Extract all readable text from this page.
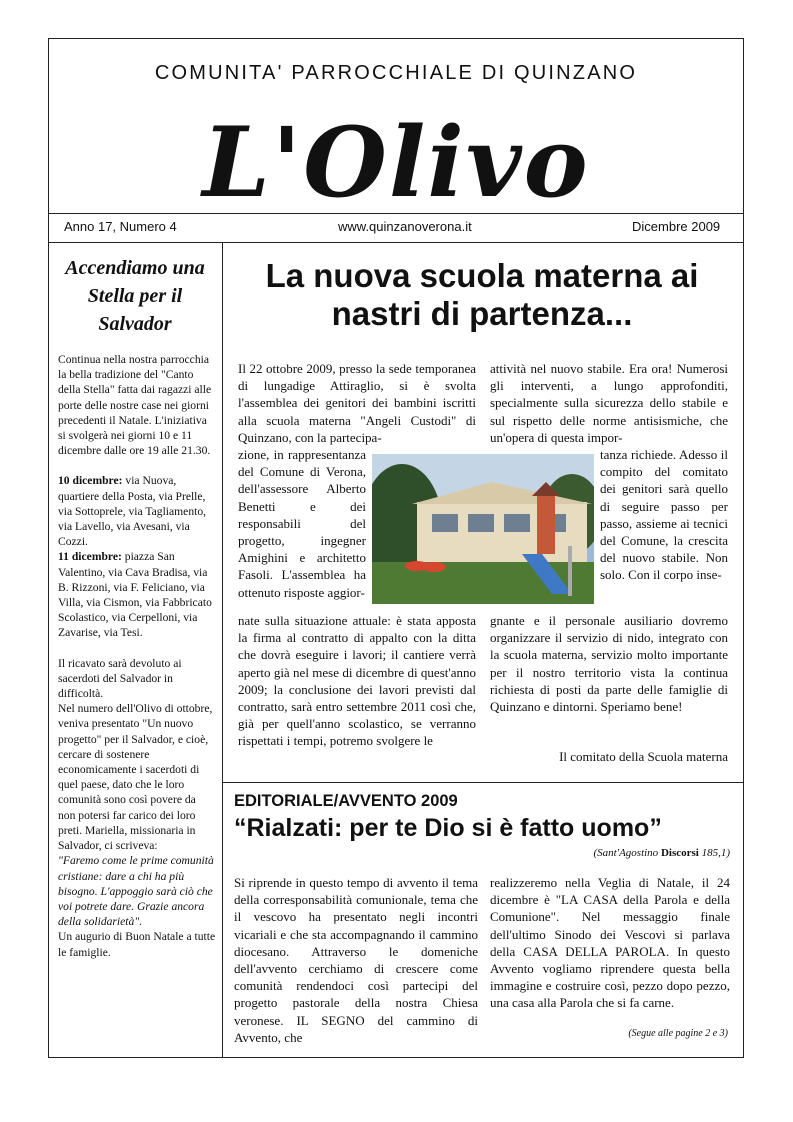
COMUNITA' PARROCCHIALE DI QUINZANO
L'Olivo
Anno 17, Numero 4	www.quinzanoverona.it	Dicembre 2009
Accendiamo una Stella per il Salvador

Continua nella nostra parrocchia la bella tradizione del "Canto della Stella" fatta dai ragazzi alle porte delle nostre case nei giorni precedenti il Natale. L'iniziativa si svolgerà nei giorni 10 e 11 dicembre dalle ore 19 alle 21.30.

10 dicembre: via Nuova, quartiere della Posta, via Prelle, via Sottoprele, via Tagliamento, via Lavello, via Avesani, via Cozzi.

11 dicembre: piazza San Valentino, via Cava Bradisa, via B. Rizzoni, via F. Feliciano, via Villa, via Cismon, via Fabbricato Scolastico, via Cerpelloni, via Zavarise, via Tesi.

Il ricavato sarà devoluto ai sacerdoti del Salvador in difficoltà.

Nel numero dell'Olivo di ottobre, veniva presentato "Un nuovo progetto" per il Salvador, e cioè, cercare di sostenere economicamente i sacerdoti di quel paese, dato che le loro comunità sono così povere da non potersi far carico dei loro preti. Mariella, missionaria in Salvador, ci scriveva:

"Faremo come le prime comunità cristiane: dare a chi ha più bisogno. L'appoggio sarà ciò che voi potrete dare. Grazie ancora della solidarietà".

Un augurio di Buon Natale a tutte le famiglie.

La nuova scuola materna ai nastri di partenza...
Il 22 ottobre 2009, presso la sede temporanea di lungadige Attiraglio, si è svolta l'assemblea dei genitori dei bambini iscritti alla scuola materna "Angeli Custodi" di Quinzano, con la partecipa-
zione, in rappresentanza del Comune di Verona, dell'assessore Alberto Benetti e dei responsabili del progetto, ingegner Amighini e architetto Fasoli. L'assemblea ha ottenuto risposte aggior-
nate sulla situazione attuale: è stata apposta la firma al contratto di appalto con la ditta che dovrà eseguire i lavori; il cantiere verrà aperto già nel mese di dicembre di quest'anno 2009; la conclusione dei lavori previsti dal contratto, sarà entro settembre 2011 così che, già per quell'anno scolastico, se verranno rispettati i tempi, potremo svolgere le
attività nel nuovo stabile. Era ora! Numerosi gli interventi, a lungo approfonditi, specialmente sulla sicurezza dello stabile e sul rispetto delle norme antisismiche, che un'opera di questa impor-
tanza richiede. Adesso il compito del comitato dei genitori sarà quello di seguire passo per passo, assieme ai tecnici del Comune, la crescita del nuovo stabile. Non solo. Con il corpo inse-
gnante e il personale ausiliario dovremo organizzare il servizio di nido, integrato con la scuola materna, servizio molto importante per il nostro territorio vista la continua richiesta di posti da parte delle famiglie di Quinzano e dintorni. Speriamo bene!
Il comitato della Scuola materna
EDITORIALE/AVVENTO 2009
“Rialzati: per te Dio si è fatto uomo”
(Sant'Agostino Discorsi 185,1)
Si riprende in questo tempo di avvento il tema della corresponsabilità comunionale, tema che il vescovo ha presentato negli incontri vicariali e che sta accompagnando il cammino diocesano. Attraverso le domeniche dell'avvento cerchiamo di crescere come comunità rendendoci così partecipi del progetto pastorale della nostra Chiesa veronese. IL SEGNO del cammino di Avvento, che
realizzeremo nella Veglia di Natale, il 24 dicembre è "LA CASA della Parola e della Comunione". Nel messaggio finale dell'ultimo Sinodo dei Vescovi si parlava della CASA DELLA PAROLA. In questo Avvento vogliamo riprendere questa bella immagine e costruire così, pezzo dopo pezzo, una casa alla Parola che si fa carne.
(Segue alle pagine 2 e 3)
